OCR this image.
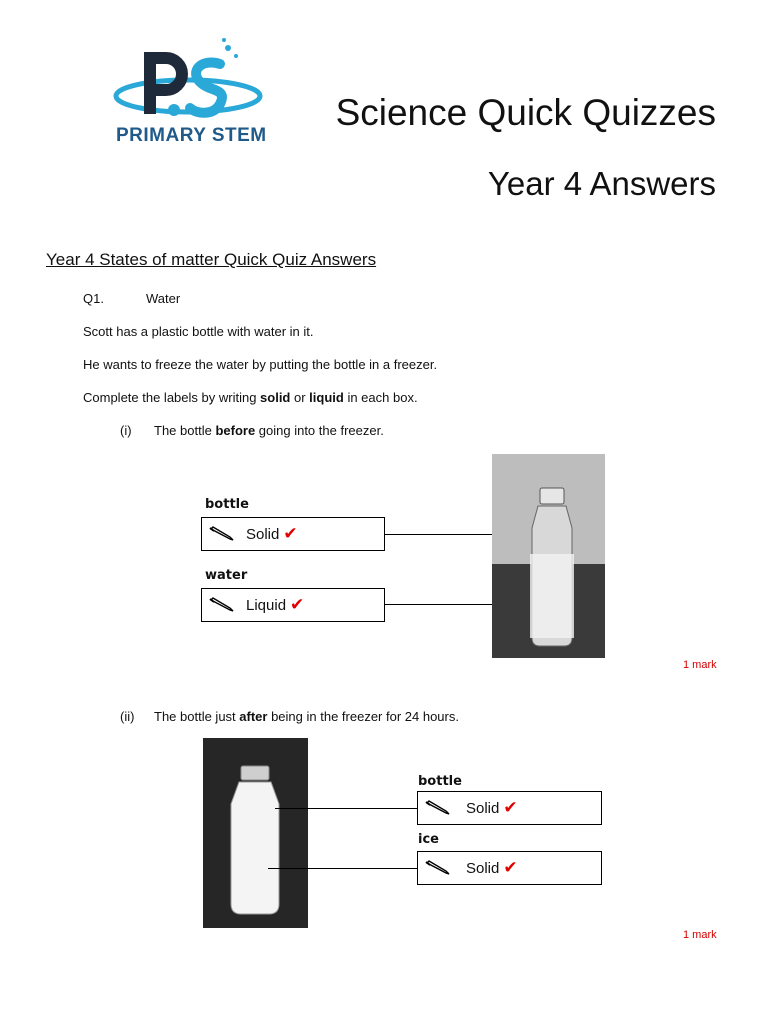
PRIMARY STEM
Science Quick Quizzes
Year 4 Answers
Year 4 States of matter Quick Quiz Answers
Q1.	Water
Scott has a plastic bottle with water in it.
He wants to freeze the water by putting the bottle in a freezer.
Complete the labels by writing solid or liquid in each box.
(i) The bottle before going into the freezer.
bottle
Solid ✔
water
Liquid ✔
1 mark
(ii) The bottle just after being in the freezer for 24 hours.
bottle
Solid ✔
ice
Solid ✔
1 mark
